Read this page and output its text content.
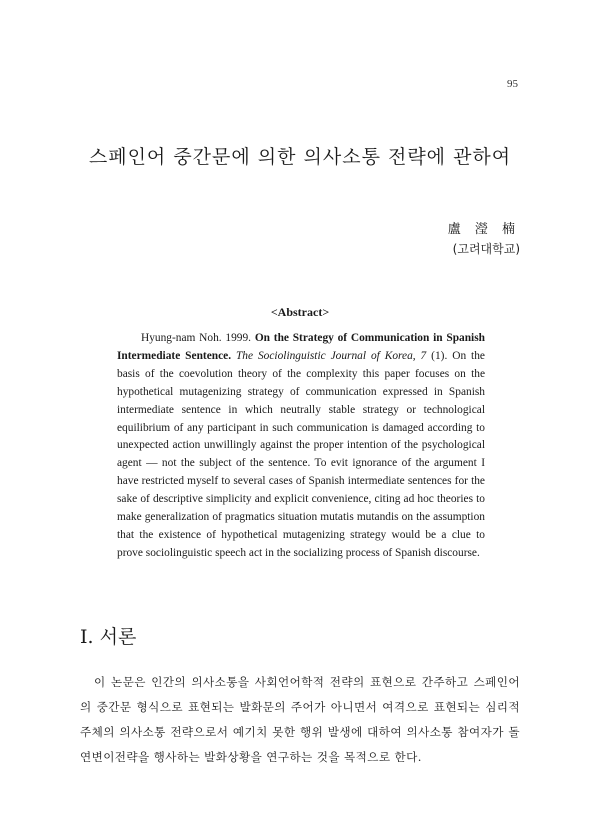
95
스페인어 중간문에 의한 의사소통 전략에 관하여
盧 瀅 楠
(고려대학교)
<Abstract>

Hyung-nam Noh. 1999. On the Strategy of Communication in Spanish Intermediate Sentence. The Sociolinguistic Journal of Korea, 7 (1). On the basis of the coevolution theory of the complexity this paper focuses on the hypothetical mutagenizing strategy of communication expressed in Spanish intermediate sentence in which neutrally stable strategy or technological equilibrium of any participant in such communication is damaged according to unexpected action unwillingly against the proper intention of the psychological agent — not the subject of the sentence. To evit ignorance of the argument I have restricted myself to several cases of Spanish intermediate sentences for the sake of descriptive simplicity and explicit convenience, citing ad hoc theories to make generalization of pragmatics situation mutatis mutandis on the assumption that the existence of hypothetical mutagenizing strategy would be a clue to prove sociolinguistic speech act in the socializing process of Spanish discourse.

I. 서론

이 논문은 인간의 의사소통을 사회언어학적 전략의 표현으로 간주하고 스페인어의 중간문 형식으로 표현되는 발화문의 주어가 아니면서 여격으로 표현되는 심리적 주체의 의사소통 전략으로서 예기치 못한 행위 발생에 대하여 의사소통 참여자가 돌연변이전략을 행사하는 발화상황을 연구하는 것을 목적으로 한다.
